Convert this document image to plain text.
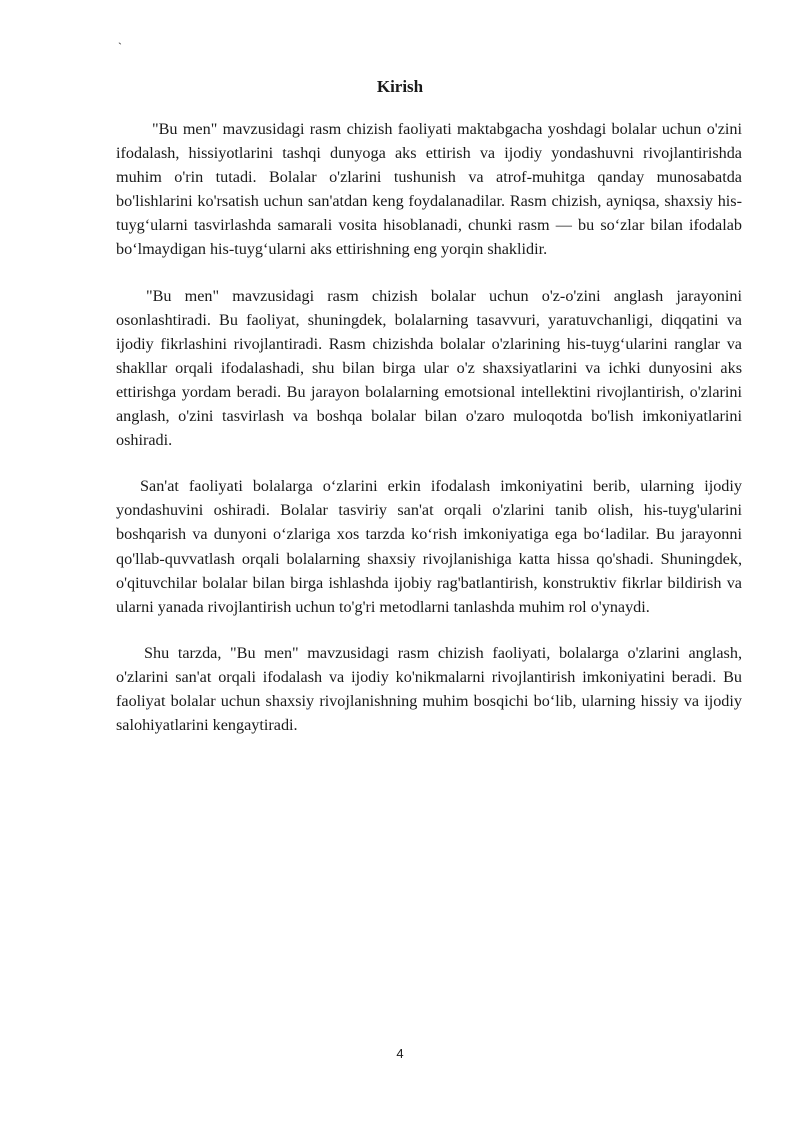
`
Kirish

"Bu men" mavzusidagi rasm chizish faoliyati maktabgacha yoshdagi bolalar uchun o'zini ifodalash, hissiyotlarini tashqi dunyoga aks ettirish va ijodiy yondashuvni rivojlantirishda muhim o'rin tutadi. Bolalar o'zlarini tushunish va atrof-muhitga qanday munosabatda bo'lishlarini ko'rsatish uchun san'atdan keng foydalanadilar. Rasm chizish, ayniqsa, shaxsiy his-tuyg‘ularni tasvirlashda samarali vosita hisoblanadi, chunki rasm — bu so‘zlar bilan ifodalab bo‘lmaydigan his-tuyg‘ularni aks ettirishning eng yorqin shaklidir.

"Bu men" mavzusidagi rasm chizish bolalar uchun o'z-o'zini anglash jarayonini osonlashtiradi. Bu faoliyat, shuningdek, bolalarning tasavvuri, yaratuvchanligi, diqqatini va ijodiy fikrlashini rivojlantiradi. Rasm chizishda bolalar o'zlarining his-tuyg‘ularini ranglar va shakllar orqali ifodalashadi, shu bilan birga ular o'z shaxsiyatlarini va ichki dunyosini aks ettirishga yordam beradi. Bu jarayon bolalarning emotsional intellektini rivojlantirish, o'zlarini anglash, o'zini tasvirlash va boshqa bolalar bilan o'zaro muloqotda bo'lish imkoniyatlarini oshiradi.

San'at faoliyati bolalarga o‘zlarini erkin ifodalash imkoniyatini berib, ularning ijodiy yondashuvini oshiradi. Bolalar tasviriy san'at orqali o'zlarini tanib olish, his-tuyg'ularini boshqarish va dunyoni o‘zlariga xos tarzda ko‘rish imkoniyatiga ega bo‘ladilar. Bu jarayonni qo'llab-quvvatlash orqali bolalarning shaxsiy rivojlanishiga katta hissa qo'shadi. Shuningdek, o'qituvchilar bolalar bilan birga ishlashda ijobiy rag'batlantirish, konstruktiv fikrlar bildirish va ularni yanada rivojlantirish uchun to'g'ri metodlarni tanlashda muhim rol o'ynaydi.

Shu tarzda, "Bu men" mavzusidagi rasm chizish faoliyati, bolalarga o'zlarini anglash, o'zlarini san'at orqali ifodalash va ijodiy ko'nikmalarni rivojlantirish imkoniyatini beradi. Bu faoliyat bolalar uchun shaxsiy rivojlanishning muhim bosqichi bo‘lib, ularning hissiy va ijodiy salohiyatlarini kengaytiradi.

4
